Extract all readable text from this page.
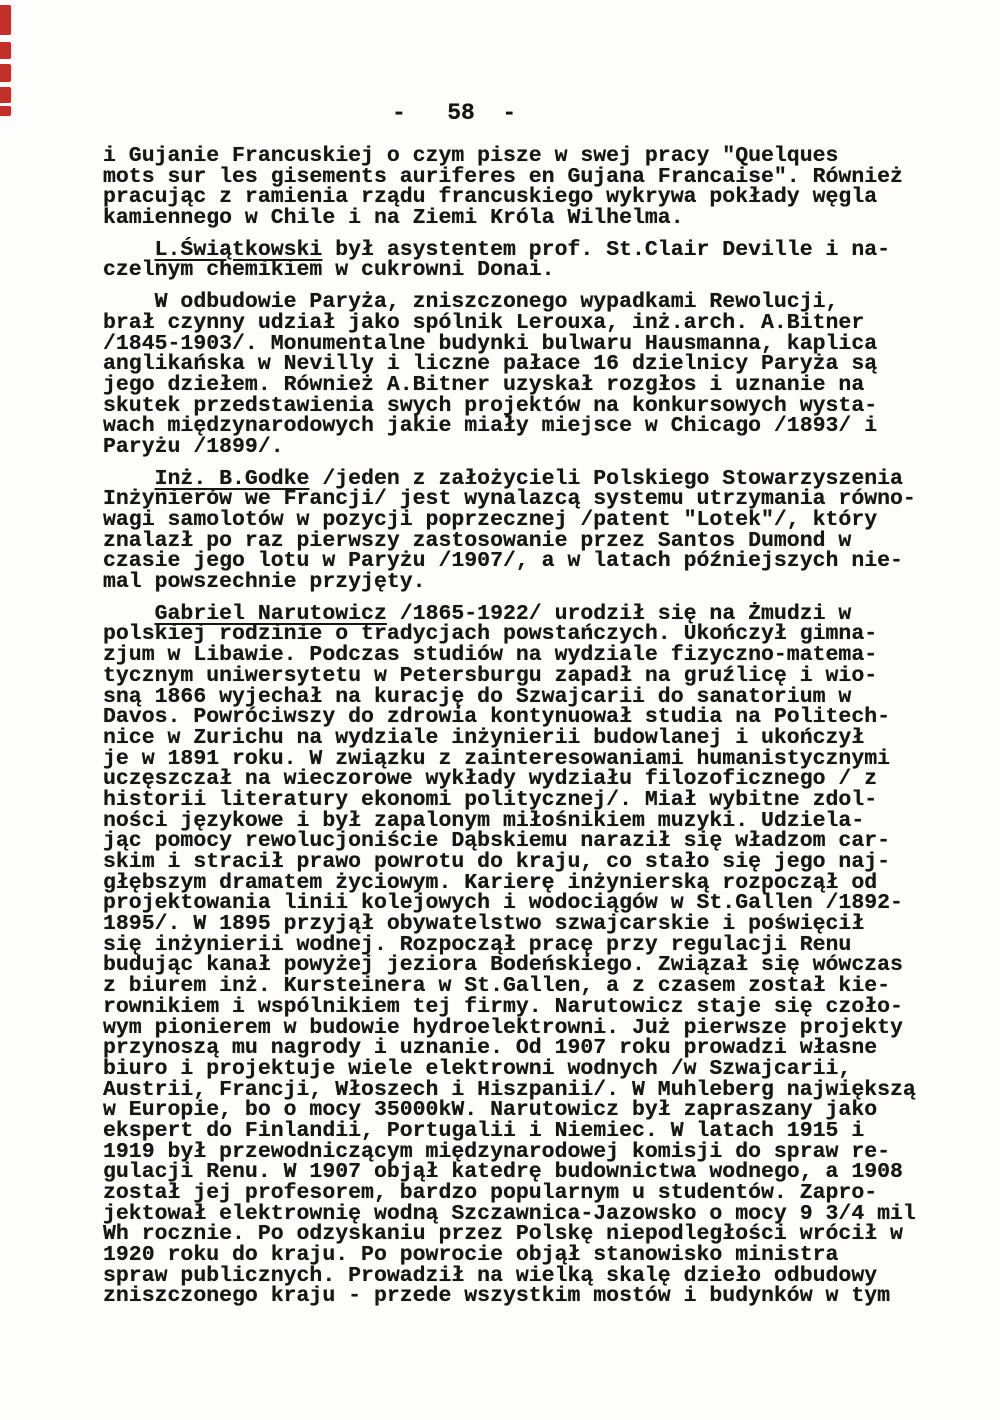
-   58  -
i Gujanie Francuskiej o czym pisze w swej pracy "Quelques
mots sur les gisements auriferes en Gujana Francaise". Również
pracując z ramienia rządu francuskiego wykrywa pokłady węgla
kamiennego w Chile i na Ziemi Króla Wilhelma.
L.Świątkowski był asystentem prof. St.Clair Deville i na-
czelnym chemikiem w cukrowni Donai.
W odbudowie Paryża, zniszczonego wypadkami Rewolucji,
brał czynny udział jako spólnik Lerouxa, inż.arch. A.Bitner
/1845-1903/. Monumentalne budynki bulwaru Hausmanna, kaplica
anglikańska w Nevilly i liczne pałace 16 dzielnicy Paryża są
jego dziełem. Również A.Bitner uzyskał rozgłos i uznanie na
skutek przedstawienia swych projektów na konkursowych wysta-
wach międzynarodowych jakie miały miejsce w Chicago /1893/ i
Paryżu /1899/.
Inż. B.Godke /jeden z założycieli Polskiego Stowarzyszenia
Inżynierów we Francji/ jest wynalazcą systemu utrzymania równo-
wagi samolotów w pozycji poprzecznej /patent "Lotek"/, który
znalazł po raz pierwszy zastosowanie przez Santos Dumond w
czasie jego lotu w Paryżu /1907/, a w latach późniejszych nie-
mal powszechnie przyjęty.
Gabriel Narutowicz /1865-1922/ urodził się na Żmudzi w
polskiej rodzinie o tradycjach powstańczych. Ukończył gimna-
zjum w Libawie. Podczas studiów na wydziale fizyczno-matema-
tycznym uniwersytetu w Petersburgu zapadł na gruźlicę i wio-
sną 1866 wyjechał na kurację do Szwajcarii do sanatorium w
Davos. Powróciwszy do zdrowia kontynuował studia na Politech-
nice w Zurichu na wydziale inżynierii budowlanej i ukończył
je w 1891 roku. W związku z zainteresowaniami humanistycznymi
uczęszczał na wieczorowe wykłady wydziału filozoficznego / z
historii literatury ekonomi politycznej/. Miał wybitne zdol-
ności językowe i był zapalonym miłośnikiem muzyki. Udziela-
jąc pomocy rewolucjoniście Dąbskiemu naraził się władzom car-
skim i stracił prawo powrotu do kraju, co stało się jego naj-
głębszym dramatem życiowym. Karierę inżynierską rozpoczął od
projektowania linii kolejowych i wodociągów w St.Gallen /1892-
1895/. W 1895 przyjął obywatelstwo szwajcarskie i poświęcił
się inżynierii wodnej. Rozpoczął pracę przy regulacji Renu
budując kanał powyżej jeziora Bodeńskiego. Związał się wówczas
z biurem inż. Kursteinera w St.Gallen, a z czasem został kie-
rownikiem i wspólnikiem tej firmy. Narutowicz staje się czoło-
wym pionierem w budowie hydroelektrowni. Już pierwsze projekty
przynoszą mu nagrody i uznanie. Od 1907 roku prowadzi własne
biuro i projektuje wiele elektrowni wodnych /w Szwajcarii,
Austrii, Francji, Włoszech i Hiszpanii/. W Muhleberg największą
w Europie, bo o mocy 35000kW. Narutowicz był zapraszany jako
ekspert do Finlandii, Portugalii i Niemiec. W latach 1915 i
1919 był przewodniczącym międzynarodowej komisji do spraw re-
gulacji Renu. W 1907 objął katedrę budownictwa wodnego, a 1908
został jej profesorem, bardzo popularnym u studentów. Zapro-
jektował elektrownię wodną Szczawnica-Jazowsko o mocy 9 3/4 mil
Wh rocznie. Po odzyskaniu przez Polskę niepodległości wrócił w
1920 roku do kraju. Po powrocie objął stanowisko ministra
spraw publicznych. Prowadził na wielką skalę dzieło odbudowy
zniszczonego kraju - przede wszystkim mostów i budynków w tym
